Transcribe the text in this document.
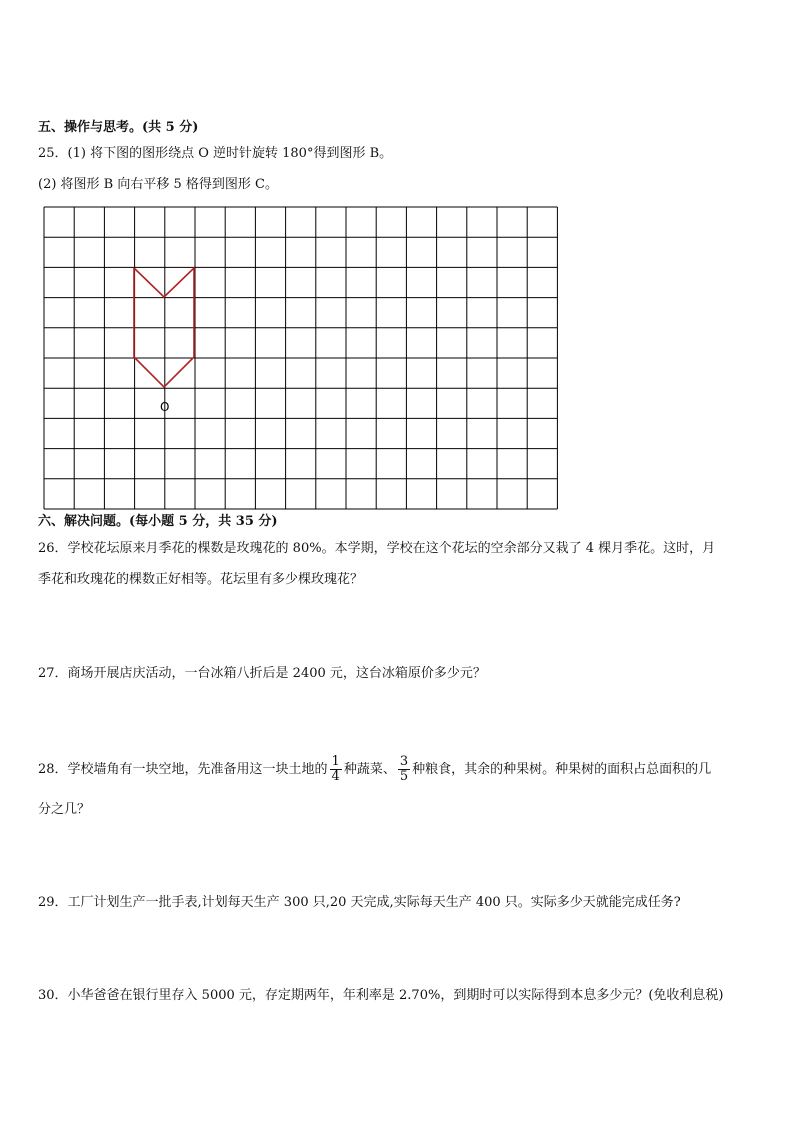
五、操作与思考。(共 5 分)
25．(1) 将下图的图形绕点 O 逆时针旋转 180°得到图形 B。
(2) 将图形 B 向右平移 5 格得到图形 C。
O
六、解决问题。(每小题 5 分，共 35 分)
26．学校花坛原来月季花的棵数是玫瑰花的 80%。本学期，学校在这个花坛的空余部分又栽了 4 棵月季花。这时，月
季花和玫瑰花的棵数正好相等。花坛里有多少棵玫瑰花？
27．商场开展店庆活动，一台冰箱八折后是 2400 元，这台冰箱原价多少元？
28．学校墙角有一块空地，先准备用这一块土地的 $\frac{1}{4}$ 种蔬菜、 $\frac{3}{5}$ 种粮食，其余的种果树。种果树的面积占总面积的几
分之几？
29．工厂计划生产一批手表,计划每天生产 300 只,20 天完成,实际每天生产 400 只。实际多少天就能完成任务?
30．小华爸爸在银行里存入 5000 元，存定期两年，年利率是 2.70%，到期时可以实际得到本息多少元？(免收利息税)
